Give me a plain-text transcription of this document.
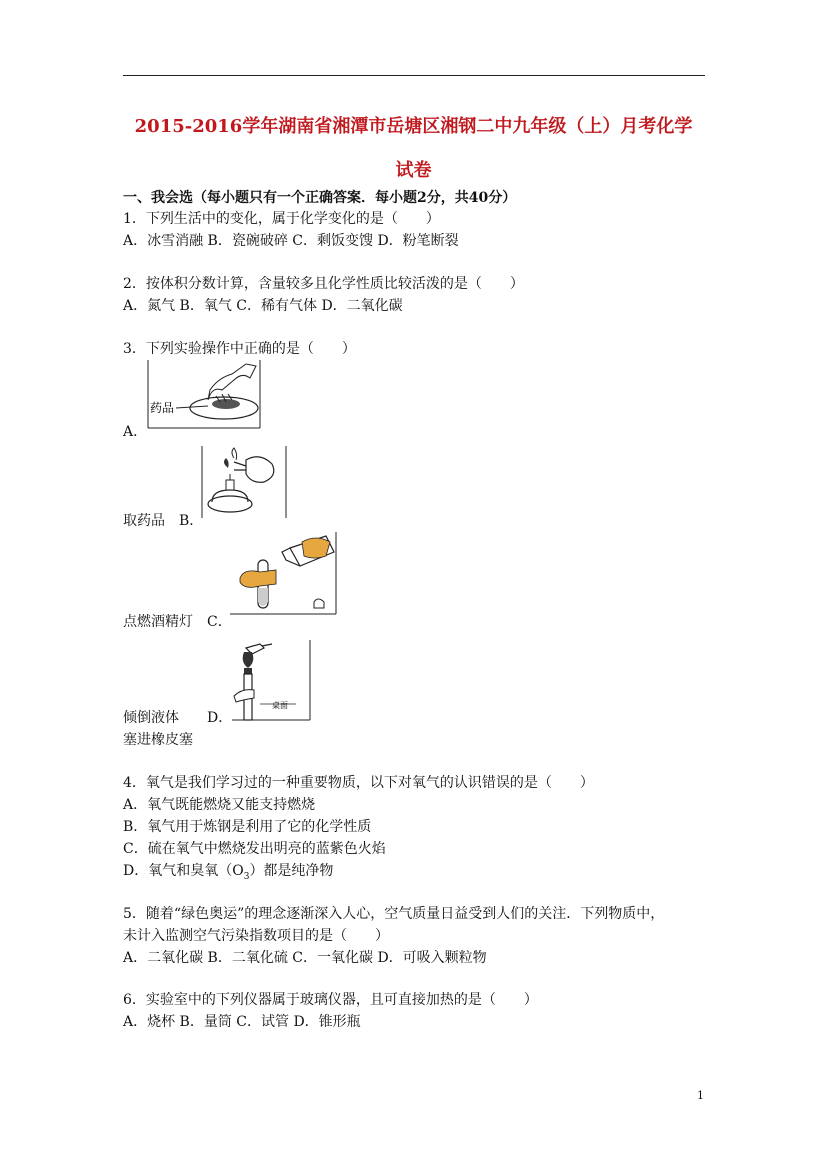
2015-2016学年湖南省湘潭市岳塘区湘钢二中九年级（上）月考化学
试卷
一、我会选（每小题只有一个正确答案．每小题2分，共40分）
1．下列生活中的变化，属于化学变化的是（　　）
A．冰雪消融 B．瓷碗破碎 C．剩饭变馊 D．粉笔断裂
2．按体积分数计算，含量较多且化学性质比较活泼的是（　　）
A．氮气 B．氧气 C．稀有气体 D．二氧化碳
3．下列实验操作中正确的是（　　）
药品
A．
取药品　B．
点燃酒精灯　C．
桌面
倾倒液体　　D．
塞进橡皮塞
4．氧气是我们学习过的一种重要物质，以下对氧气的认识错误的是（　　）
A．氧气既能燃烧又能支持燃烧
B．氧气用于炼钢是利用了它的化学性质
C．硫在氧气中燃烧发出明亮的蓝紫色火焰
D．氧气和臭氧$(O_3)$都是纯净物
5．随着“绿色奥运”的理念逐渐深入人心，空气质量日益受到人们的关注．下列物质中，
未计入监测空气污染指数项目的是（　　）
A．二氧化碳 B．二氧化硫 C．一氧化碳 D．可吸入颗粒物
6．实验室中的下列仪器属于玻璃仪器，且可直接加热的是（　　）
A．烧杯 B．量筒 C．试管 D．锥形瓶
1
